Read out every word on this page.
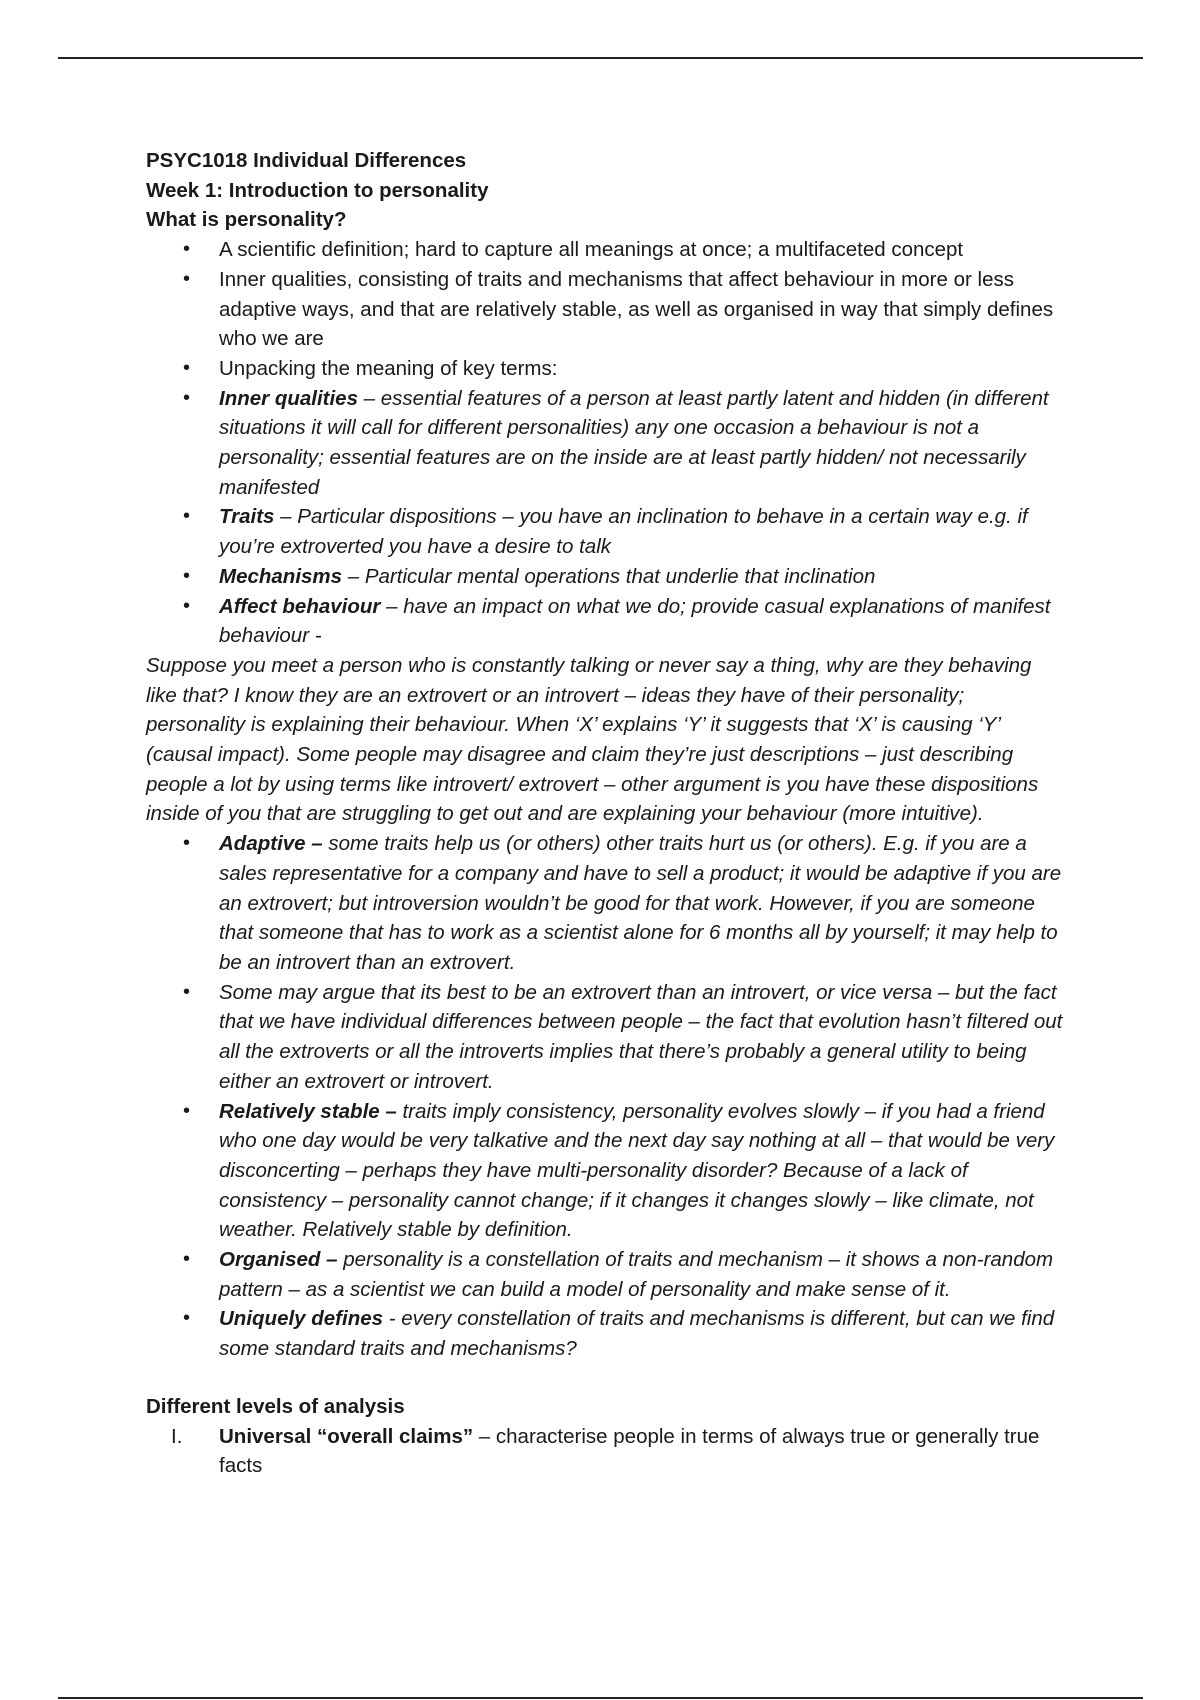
PSYC1018 Individual Differences
Week 1: Introduction to personality
What is personality?
• A scientific definition; hard to capture all meanings at once; a multifaceted concept
• Inner qualities, consisting of traits and mechanisms that affect behaviour in more or less adaptive ways, and that are relatively stable, as well as organised in way that simply defines who we are
• Unpacking the meaning of key terms:
• Inner qualities – essential features of a person at least partly latent and hidden (in different situations it will call for different personalities) any one occasion a behaviour is not a personality; essential features are on the inside are at least partly hidden/ not necessarily manifested
• Traits – Particular dispositions – you have an inclination to behave in a certain way e.g. if you’re extroverted you have a desire to talk
• Mechanisms – Particular mental operations that underlie that inclination
• Affect behaviour – have an impact on what we do; provide casual explanations of manifest behaviour -

Suppose you meet a person who is constantly talking or never say a thing, why are they behaving like that? I know they are an extrovert or an introvert – ideas they have of their personality; personality is explaining their behaviour. When ‘X’ explains ‘Y’ it suggests that ‘X’ is causing ‘Y’ (causal impact). Some people may disagree and claim they’re just descriptions – just describing people a lot by using terms like introvert/ extrovert – other argument is you have these dispositions inside of you that are struggling to get out and are explaining your behaviour (more intuitive).

• Adaptive – some traits help us (or others) other traits hurt us (or others). E.g. if you are a sales representative for a company and have to sell a product; it would be adaptive if you are an extrovert; but introversion wouldn’t be good for that work. However, if you are someone that someone that has to work as a scientist alone for 6 months all by yourself; it may help to be an introvert than an extrovert.
• Some may argue that its best to be an extrovert than an introvert, or vice versa – but the fact that we have individual differences between people – the fact that evolution hasn’t filtered out all the extroverts or all the introverts implies that there’s probably a general utility to being either an extrovert or introvert.
• Relatively stable – traits imply consistency, personality evolves slowly – if you had a friend who one day would be very talkative and the next day say nothing at all – that would be very disconcerting – perhaps they have multi-personality disorder? Because of a lack of consistency – personality cannot change; if it changes it changes slowly – like climate, not weather. Relatively stable by definition.
• Organised – personality is a constellation of traits and mechanism – it shows a non-random pattern – as a scientist we can build a model of personality and make sense of it.
• Uniquely defines - every constellation of traits and mechanisms is different, but can we find some standard traits and mechanisms?
Different levels of analysis
I. Universal “overall claims” – characterise people in terms of always true or generally true facts
